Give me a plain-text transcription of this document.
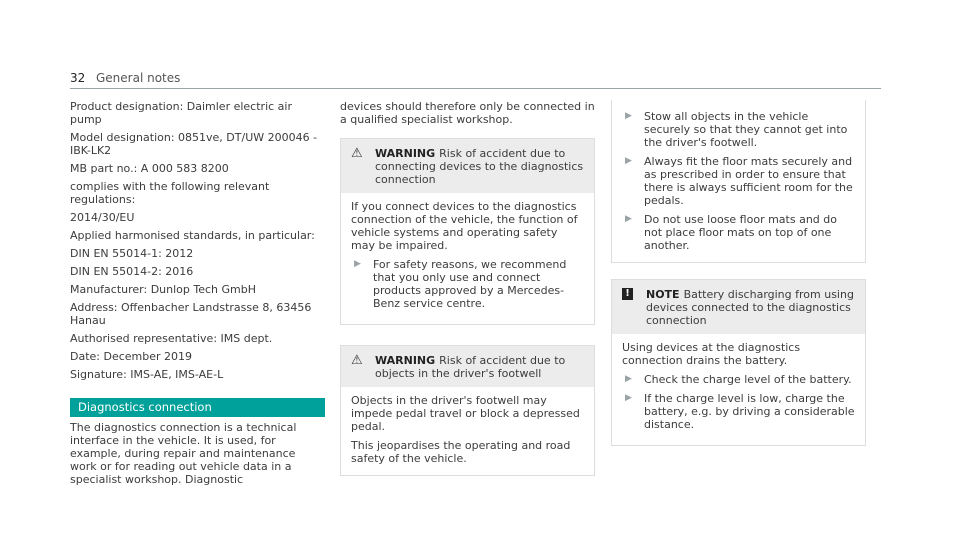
32 General notes
Product designation: Daimler electric air pump
Model designation: 0851ve, DT/UW 200046 - IBK-LK2
MB part no.: A 000 583 8200
complies with the following relevant regulations:
2014/30/EU
Applied harmonised standards, in particular:
DIN EN 55014-1: 2012
DIN EN 55014-2: 2016
Manufacturer: Dunlop Tech GmbH
Address: Offenbacher Landstrasse 8, 63456 Hanau
Authorised representative: IMS dept.
Date: December 2019
Signature: IMS-AE, IMS-AE-L
Diagnostics connection
The diagnostics connection is a technical interface in the vehicle. It is used, for example, during repair and maintenance work or for reading out vehicle data in a specialist workshop. Diagnostic
devices should therefore only be connected in a qualified specialist workshop.
⚠	WARNING Risk of accident due to connecting devices to the diagnostics connection
If you connect devices to the diagnostics connection of the vehicle, the function of vehicle systems and operating safety may be impaired.
▶	For safety reasons, we recommend that you only use and connect products approved by a Mercedes-Benz service centre.
⚠	WARNING Risk of accident due to objects in the driver's footwell
Objects in the driver's footwell may impede pedal travel or block a depressed pedal.
This jeopardises the operating and road safety of the vehicle.
▶	Stow all objects in the vehicle securely so that they cannot get into the driver's footwell.
▶	Always fit the floor mats securely and as prescribed in order to ensure that there is always sufficient room for the pedals.
▶	Do not use loose floor mats and do not place floor mats on top of one another.
! NOTE Battery discharging from using devices connected to the diagnostics connection
Using devices at the diagnostics connection drains the battery.
▶	Check the charge level of the battery.
▶	If the charge level is low, charge the battery, e.g. by driving a considerable distance.
